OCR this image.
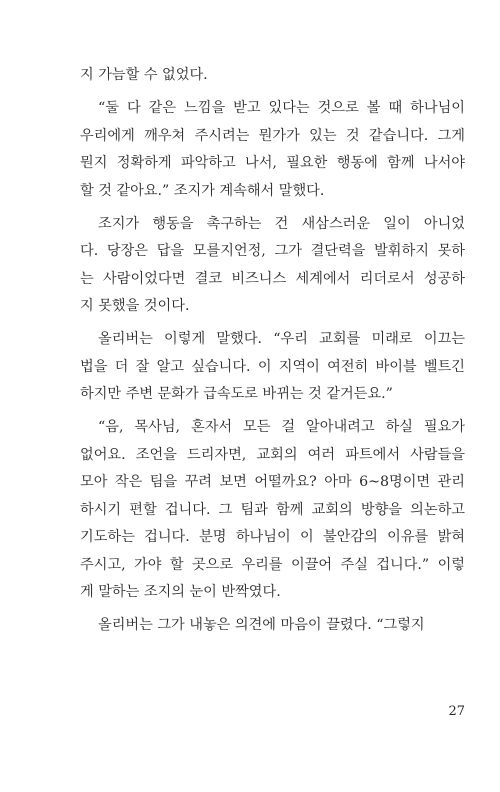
지 가늠할 수 없었다.
“둘 다 같은 느낌을 받고 있다는 것으로 볼 때 하나님이
우리에게 깨우쳐 주시려는 뭔가가 있는 것 같습니다. 그게
뭔지 정확하게 파악하고 나서, 필요한 행동에 함께 나서야
할 것 같아요.” 조지가 계속해서 말했다.
조지가 행동을 촉구하는 건 새삼스러운 일이 아니었
다. 당장은 답을 모를지언정, 그가 결단력을 발휘하지 못하
는 사람이었다면 결코 비즈니스 세계에서 리더로서 성공하
지 못했을 것이다.
올리버는 이렇게 말했다. “우리 교회를 미래로 이끄는
법을 더 잘 알고 싶습니다. 이 지역이 여전히 바이블 벨트긴
하지만 주변 문화가 급속도로 바뀌는 것 같거든요.”
“음, 목사님, 혼자서 모든 걸 알아내려고 하실 필요가
없어요. 조언을 드리자면, 교회의 여러 파트에서 사람들을
모아 작은 팀을 꾸려 보면 어떨까요? 아마 6~8명이면 관리
하시기 편할 겁니다. 그 팀과 함께 교회의 방향을 의논하고
기도하는 겁니다. 분명 하나님이 이 불안감의 이유를 밝혀
주시고, 가야 할 곳으로 우리를 이끌어 주실 겁니다.” 이렇
게 말하는 조지의 눈이 반짝였다.
올리버는 그가 내놓은 의견에 마음이 끌렸다. “그렇지
27
